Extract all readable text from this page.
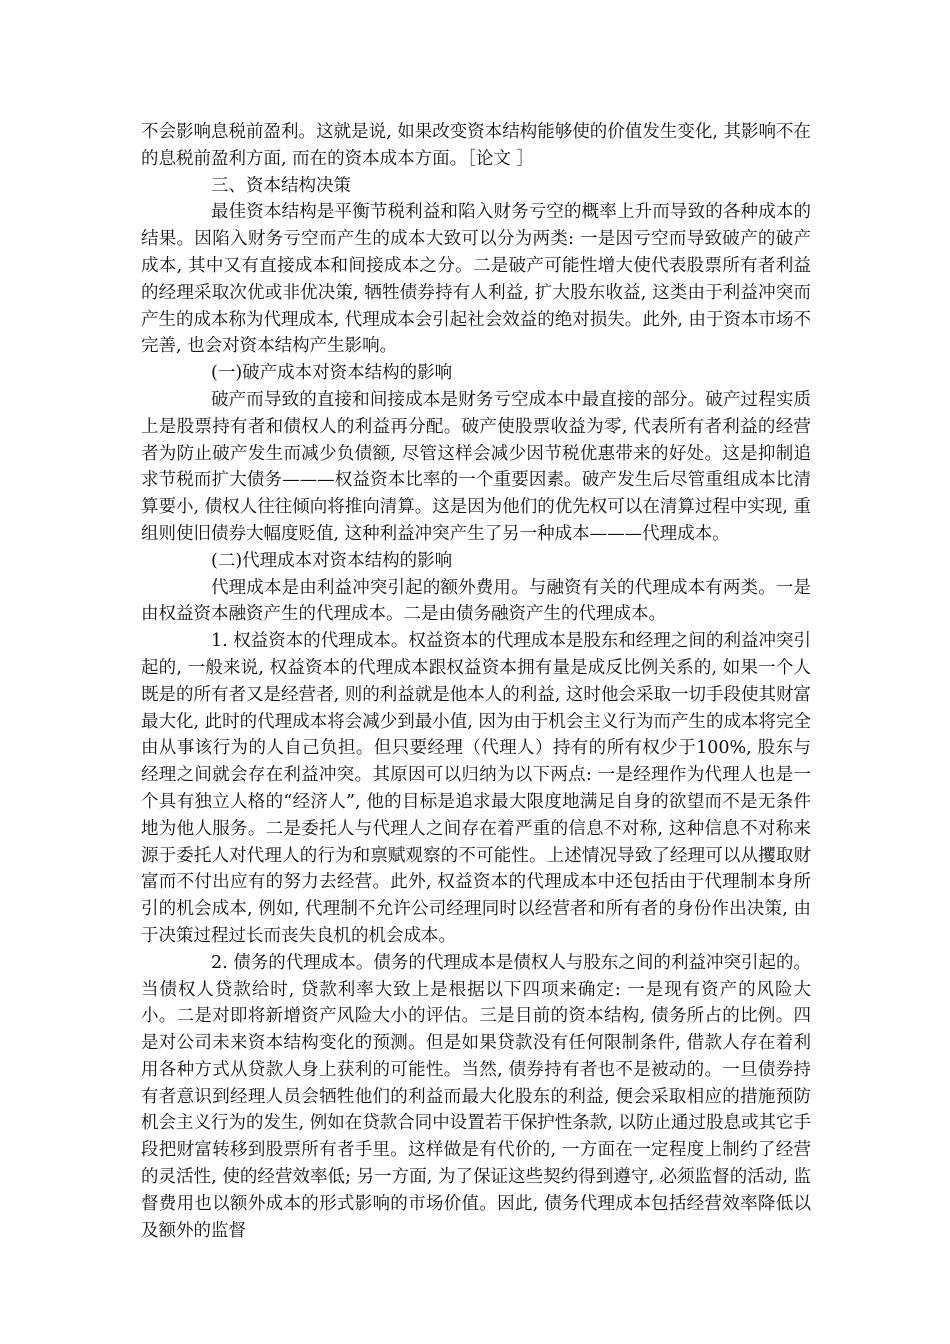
不会影响息税前盈利。这就是说, 如果改变资本结构能够使的价值发生变化, 其影响不在的息税前盈利方面, 而在的资本成本方面。［论文 ］

三、资本结构决策

最佳资本结构是平衡节税利益和陷入财务亏空的概率上升而导致的各种成本的结果。因陷入财务亏空而产生的成本大致可以分为两类: 一是因亏空而导致破产的破产成本, 其中又有直接成本和间接成本之分。二是破产可能性增大使代表股票所有者利益的经理采取次优或非优决策, 牺牲债券持有人利益, 扩大股东收益, 这类由于利益冲突而产生的成本称为代理成本, 代理成本会引起社会效益的绝对损失。此外, 由于资本市场不完善, 也会对资本结构产生影响。

(一)破产成本对资本结构的影响

破产而导致的直接和间接成本是财务亏空成本中最直接的部分。破产过程实质上是股票持有者和债权人的利益再分配。破产使股票收益为零, 代表所有者利益的经营者为防止破产发生而减少负债额, 尽管这样会减少因节税优惠带来的好处。这是抑制追求节税而扩大债务———权益资本比率的一个重要因素。破产发生后尽管重组成本比清算要小, 债权人往往倾向将推向清算。这是因为他们的优先权可以在清算过程中实现, 重组则使旧债券大幅度贬值, 这种利益冲突产生了另一种成本———代理成本。

(二)代理成本对资本结构的影响

代理成本是由利益冲突引起的额外费用。与融资有关的代理成本有两类。一是由权益资本融资产生的代理成本。二是由债务融资产生的代理成本。

1. 权益资本的代理成本。权益资本的代理成本是股东和经理之间的利益冲突引起的, 一般来说, 权益资本的代理成本跟权益资本拥有量是成反比例关系的, 如果一个人既是的所有者又是经营者, 则的利益就是他本人的利益, 这时他会采取一切手段使其财富最大化, 此时的代理成本将会减少到最小值, 因为由于机会主义行为而产生的成本将完全由从事该行为的人自己负担。但只要经理（代理人）持有的所有权少于100%, 股东与经理之间就会存在利益冲突。其原因可以归纳为以下两点: 一是经理作为代理人也是一个具有独立人格的“经济人”, 他的目标是追求最大限度地满足自身的欲望而不是无条件地为他人服务。二是委托人与代理人之间存在着严重的信息不对称, 这种信息不对称来源于委托人对代理人的行为和禀赋观察的不可能性。上述情况导致了经理可以从攫取财富而不付出应有的努力去经营。此外, 权益资本的代理成本中还包括由于代理制本身所引的机会成本, 例如, 代理制不允许公司经理同时以经营者和所有者的身份作出决策, 由于决策过程过长而丧失良机的机会成本。

2. 债务的代理成本。债务的代理成本是债权人与股东之间的利益冲突引起的。当债权人贷款给时, 贷款利率大致上是根据以下四项来确定: 一是现有资产的风险大小。二是对即将新增资产风险大小的评估。三是目前的资本结构, 债务所占的比例。四是对公司未来资本结构变化的预测。但是如果贷款没有任何限制条件, 借款人存在着利用各种方式从贷款人身上获利的可能性。当然, 债券持有者也不是被动的。一旦债券持有者意识到经理人员会牺牲他们的利益而最大化股东的利益, 便会采取相应的措施预防机会主义行为的发生, 例如在贷款合同中设置若干保护性条款, 以防止通过股息或其它手段把财富转移到股票所有者手里。这样做是有代价的, 一方面在一定程度上制约了经营的灵活性, 使的经营效率低; 另一方面, 为了保证这些契约得到遵守, 必须监督的活动, 监督费用也以额外成本的形式影响的市场价值。因此, 债务代理成本包括经营效率降低以及额外的监督
